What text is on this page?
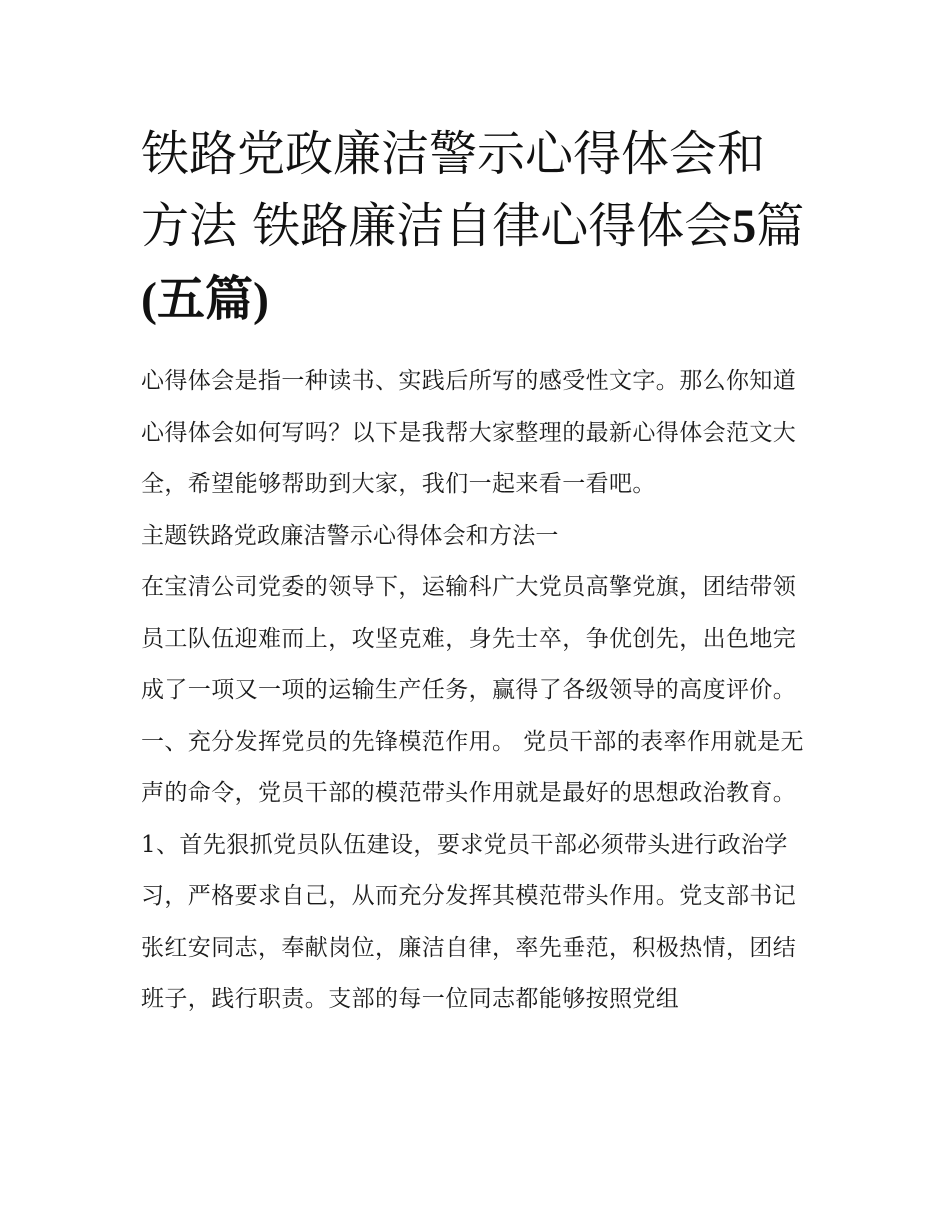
铁路党政廉洁警示心得体会和方法 铁路廉洁自律心得体会5篇(五篇)

心得体会是指一种读书、实践后所写的感受性文字。那么你知道心得体会如何写吗？以下是我帮大家整理的最新心得体会范文大全，希望能够帮助到大家，我们一起来看一看吧。

主题铁路党政廉洁警示心得体会和方法一

在宝清公司党委的领导下，运输科广大党员高擎党旗，团结带领员工队伍迎难而上，攻坚克难，身先士卒，争优创先，出色地完成了一项又一项的运输生产任务，赢得了各级领导的高度评价。

一、充分发挥党员的先锋模范作用。 党员干部的表率作用就是无声的命令，党员干部的模范带头作用就是最好的思想政治教育。

1、首先狠抓党员队伍建设，要求党员干部必须带头进行政治学习，严格要求自己，从而充分发挥其模范带头作用。党支部书记张红安同志，奉献岗位，廉洁自律，率先垂范，积极热情，团结班子，践行职责。支部的每一位同志都能够按照党组
